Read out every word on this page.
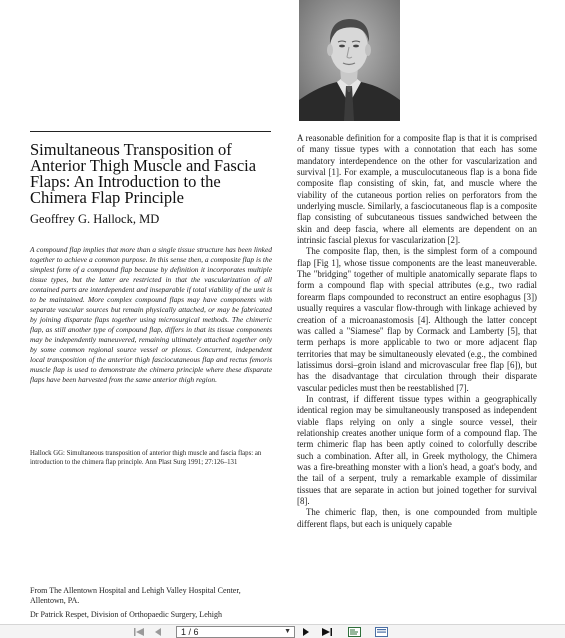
Simultaneous Transposition of Anterior Thigh Muscle and Fascia Flaps: An Introduction to the Chimera Flap Principle

Geoffrey G. Hallock, MD

A compound flap implies that more than a single tissue structure has been linked together to achieve a common purpose. In this sense then, a composite flap is the simplest form of a compound flap because by definition it incorporates multiple tissue types, but the latter are restricted in that the vascularization of all contained parts are interdependent and inseparable if total viability of the unit is to be maintained. More complex compound flaps may have components with separate vascular sources but remain physically attached, or may be fabricated by joining disparate flaps together using microsurgical methods. The chimeric flap, as still another type of compound flap, differs in that its tissue components may be independently maneuvered, remaining ultimately attached together only by some common regional source vessel or plexus. Concurrent, independent local transposition of the anterior thigh fasciocutaneous flap and rectus femoris muscle flap is used to demonstrate the chimera principle where these disparate flaps have been harvested from the same anterior thigh region.

Hallock GG: Simultaneous transposition of anterior thigh muscle and fascia flaps: an introduction to the chimera flap principle. Ann Plast Surg 1991; 27:126–131

From The Allentown Hospital and Lehigh Valley Hospital Center, Allentown, PA.

Dr Patrick Respet, Division of Orthopaedic Surgery, Lehigh

A reasonable definition for a composite flap is that it is comprised of many tissue types with a connotation that each has some mandatory interdependence on the other for vascularization and survival [1]. For example, a musculocutaneous flap is a bona fide composite flap consisting of skin, fat, and muscle where the viability of the cutaneous portion relies on perforators from the underlying muscle. Similarly, a fasciocutaneous flap is a composite flap consisting of subcutaneous tissues sandwiched between the skin and deep fascia, where all elements are dependent on an intrinsic fascial plexus for vascularization [2].

The composite flap, then, is the simplest form of a compound flap [Fig 1], whose tissue components are the least maneuverable. The "bridging" together of multiple anatomically separate flaps to form a compound flap with special attributes (e.g., two radial forearm flaps compounded to reconstruct an entire esophagus [3]) usually requires a vascular flow-through with linkage achieved by creation of a microanastomosis [4]. Although the latter concept was called a "Siamese" flap by Cormack and Lamberty [5], that term perhaps is more applicable to two or more adjacent flap territories that may be simultaneously elevated (e.g., the combined latissimus dorsi–groin island and microvascular free flap [6]), but has the disadvantage that circulation through their disparate vascular pedicles must then be reestablished [7].

In contrast, if different tissue types within a geographically identical region may be simultaneously transposed as independent viable flaps relying on only a single source vessel, their relationship creates another unique form of a compound flap. The term chimeric flap has been aptly coined to colorfully describe such a combination. After all, in Greek mythology, the Chimera was a fire-breathing monster with a lion's head, a goat's body, and the tail of a serpent, truly a remarkable example of dissimilar tissues that are separate in action but joined together for survival [8].

The chimeric flap, then, is one compounded from multiple different flaps, but each is uniquely capable

1 / 6	▼
